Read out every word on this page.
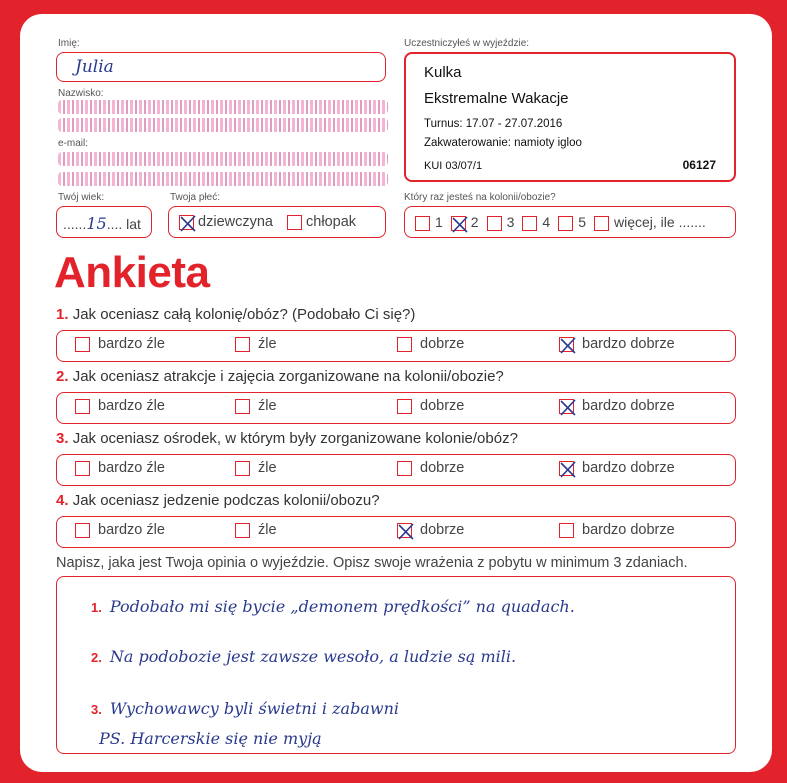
Imię:
Julia
Nazwisko:
e-mail:
Twój wiek:
......15.... lat
Twoja płeć:
dziewczyna chłopak
Uczestniczyłeś w wyjeździe:
Kulka
Ekstremalne Wakacje
Turnus: 17.07 - 27.07.2016
Zakwaterowanie: namioty igloo
KUI 03/07/1	06127
Który raz jesteś na kolonii/obozie?
1 2 3 4 5 więcej, ile .......
Ankieta
1. Jak oceniasz całą kolonię/obóz? (Podobało Ci się?)
bardzo źle	źle	dobrze	bardzo dobrze
2. Jak oceniasz atrakcje i zajęcia zorganizowane na kolonii/obozie?
bardzo źle	źle	dobrze	bardzo dobrze
3. Jak oceniasz ośrodek, w którym były zorganizowane kolonie/obóz?
bardzo źle	źle	dobrze	bardzo dobrze
4. Jak oceniasz jedzenie podczas kolonii/obozu?
bardzo źle	źle	dobrze	bardzo dobrze
Napisz, jaka jest Twoja opinia o wyjeździe. Opisz swoje wrażenia z pobytu w minimum 3 zdaniach.
1. Podobało mi się bycie „demonem prędkości” na quadach.
2. Na podobozie jest zawsze wesoło, a ludzie są mili.
3. Wychowawcy byli świetni i zabawni
PS. Harcerskie się nie myją
